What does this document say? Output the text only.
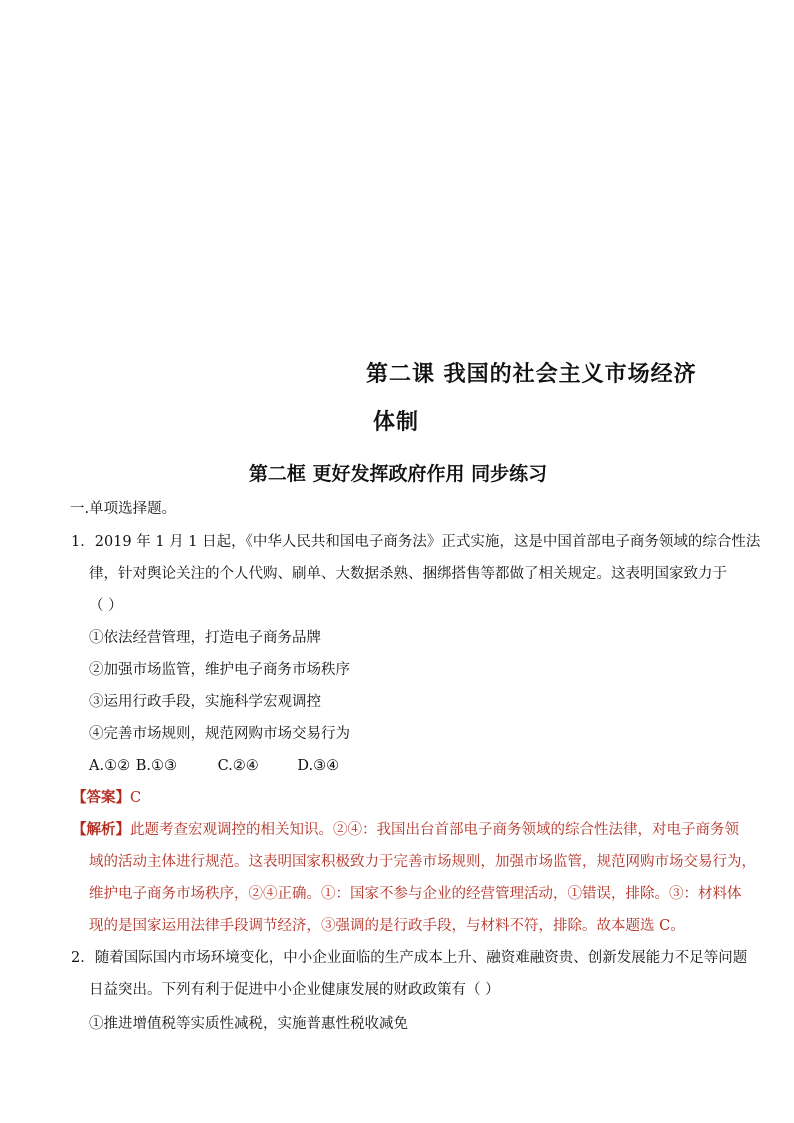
第二课 我国的社会主义市场经济
体制
第二框 更好发挥政府作用 同步练习
一.单项选择题。
1．2019 年 1 月 1 日起，《中华人民共和国电子商务法》正式实施，这是中国首部电子商务领域的综合性法
律，针对舆论关注的个人代购、刷单、大数据杀熟、捆绑搭售等都做了相关规定。这表明国家致力于
（ ）
①依法经营管理，打造电子商务品牌
②加强市场监管，维护电子商务市场秩序
③运用行政手段，实施科学宏观调控
④完善市场规则，规范网购市场交易行为
A.①② B.①③	C.②④	D.③④
【答案】C
【解析】此题考查宏观调控的相关知识。②④：我国出台首部电子商务领域的综合性法律，对电子商务领
域的活动主体进行规范。这表明国家积极致力于完善市场规则，加强市场监管，规范网购市场交易行为，
维护电子商务市场秩序，②④正确。①：国家不参与企业的经营管理活动，①错误，排除。③：材料体
现的是国家运用法律手段调节经济，③强调的是行政手段，与材料不符，排除。故本题选 C。
2．随着国际国内市场环境变化，中小企业面临的生产成本上升、融资难融资贵、创新发展能力不足等问题
日益突出。下列有利于促进中小企业健康发展的财政政策有（ ）
①推进增值税等实质性减税，实施普惠性税收减免
